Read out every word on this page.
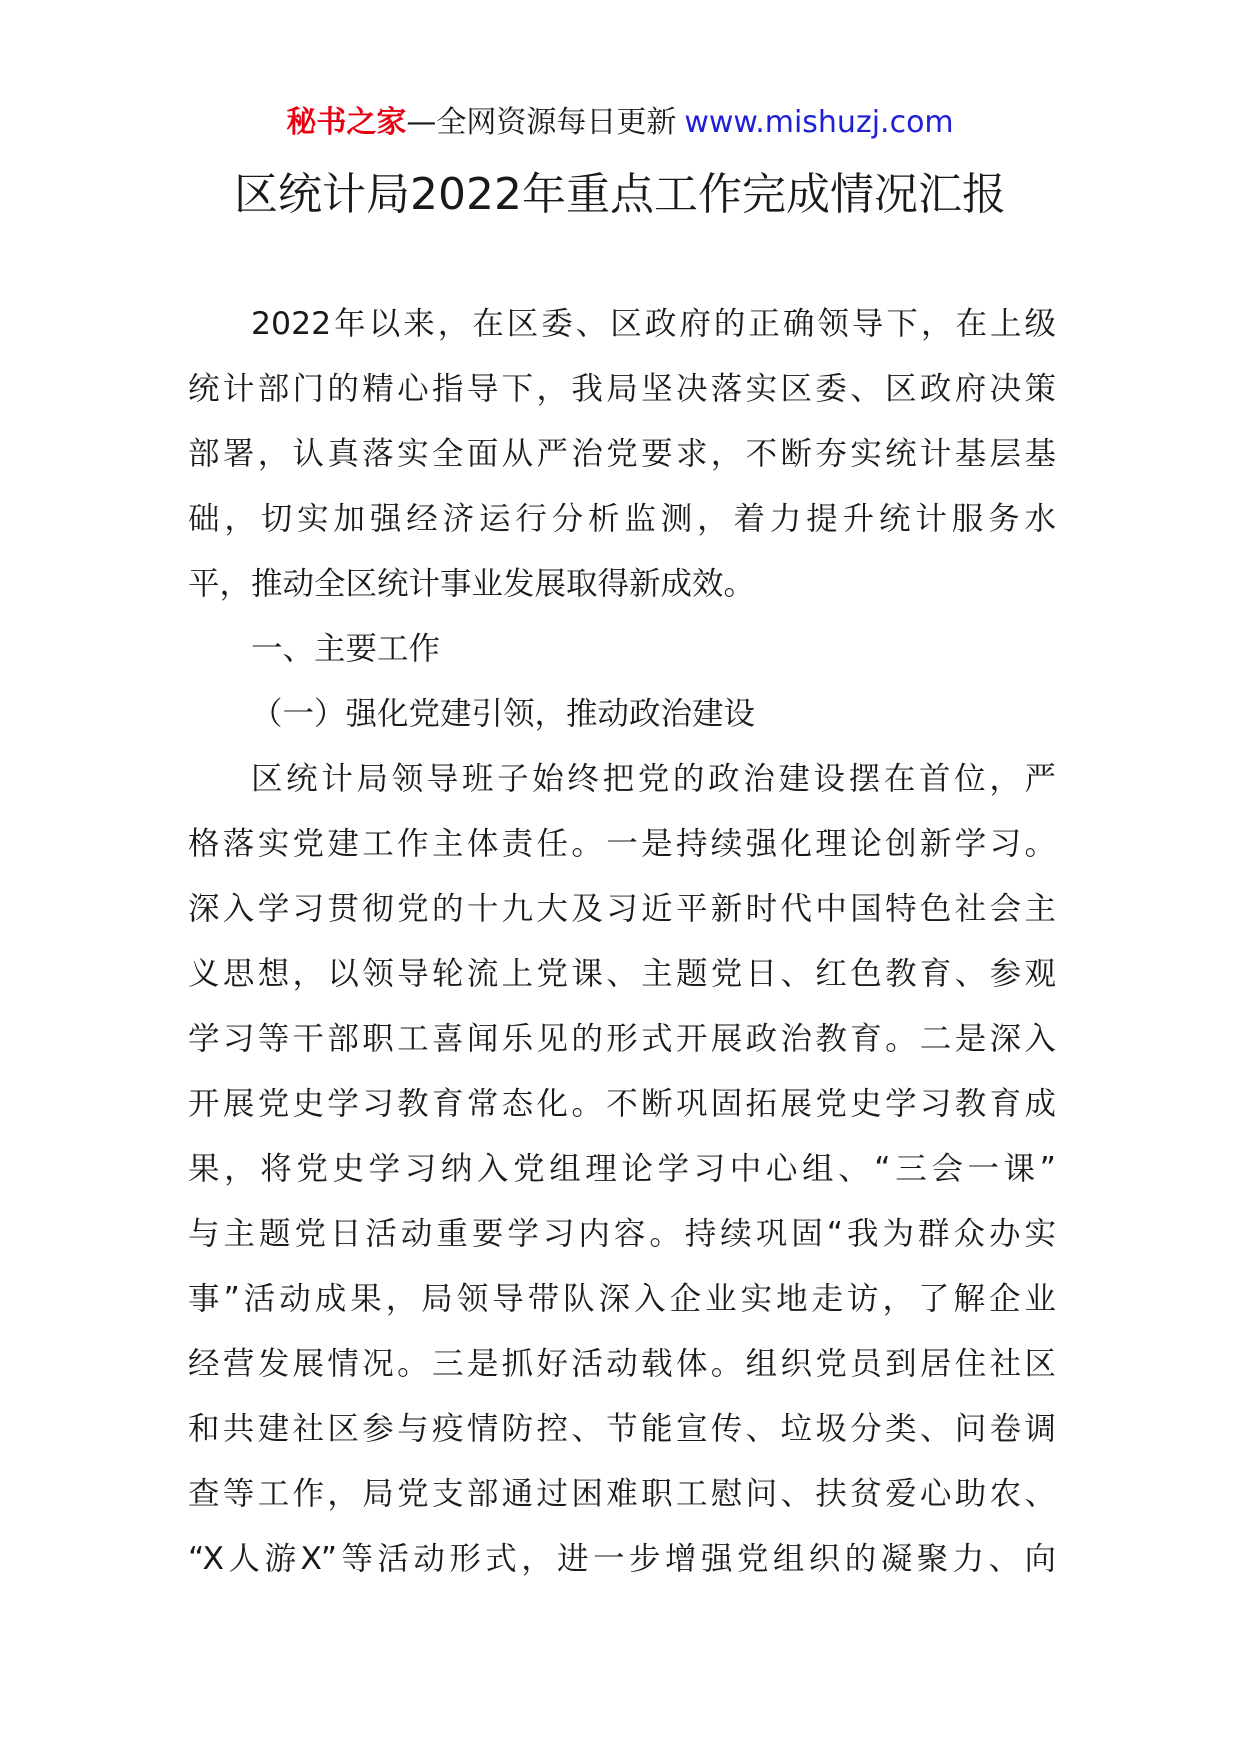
秘书之家—全网资源每日更新 www.mishuzj.com
区统计局2022年重点工作完成情况汇报
2022年以来，在区委、区政府的正确领导下，在上级
统计部门的精心指导下，我局坚决落实区委、区政府决策
部署，认真落实全面从严治党要求，不断夯实统计基层基
础，切实加强经济运行分析监测，着力提升统计服务水
平，推动全区统计事业发展取得新成效。
一、主要工作
（一）强化党建引领，推动政治建设
区统计局领导班子始终把党的政治建设摆在首位，严
格落实党建工作主体责任。一是持续强化理论创新学习。
深入学习贯彻党的十九大及习近平新时代中国特色社会主
义思想，以领导轮流上党课、主题党日、红色教育、参观
学习等干部职工喜闻乐见的形式开展政治教育。二是深入
开展党史学习教育常态化。不断巩固拓展党史学习教育成
果，将党史学习纳入党组理论学习中心组、“三会一课”
与主题党日活动重要学习内容。持续巩固“我为群众办实
事”活动成果，局领导带队深入企业实地走访，了解企业
经营发展情况。三是抓好活动载体。组织党员到居住社区
和共建社区参与疫情防控、节能宣传、垃圾分类、问卷调
查等工作，局党支部通过困难职工慰问、扶贫爱心助农、
“X人游X”等活动形式，进一步增强党组织的凝聚力、向
